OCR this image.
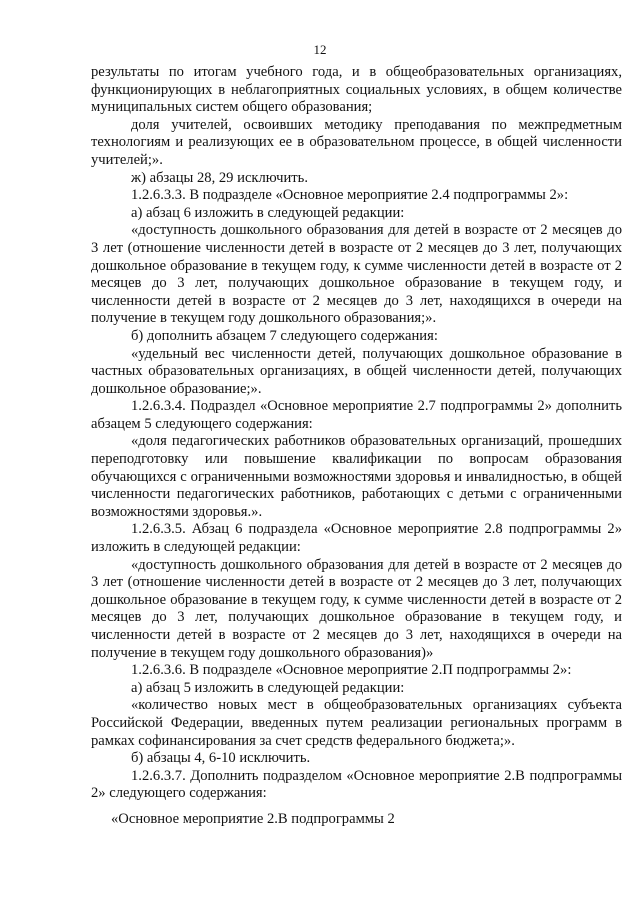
12

результаты по итогам учебного года, и в общеобразовательных организациях, функционирующих в неблагоприятных социальных условиях, в общем количестве муниципальных систем общего образования;

доля учителей, освоивших методику преподавания по межпредметным технологиям и реализующих ее в образовательном процессе, в общей численности учителей;».

ж) абзацы 28, 29 исключить.

1.2.6.3.3. В подразделе «Основное мероприятие 2.4 подпрограммы 2»:

а) абзац 6 изложить в следующей редакции:

«доступность дошкольного образования для детей в возрасте от 2 месяцев до 3 лет (отношение численности детей в возрасте от 2 месяцев до 3 лет, получающих дошкольное образование в текущем году, к сумме численности детей в возрасте от 2 месяцев до 3 лет, получающих дошкольное образование в текущем году, и численности детей в возрасте от 2 месяцев до 3 лет, находящихся в очереди на получение в текущем году дошкольного образования;».

б) дополнить абзацем 7 следующего содержания:

«удельный вес численности детей, получающих дошкольное образование в частных образовательных организациях, в общей численности детей, получающих дошкольное образование;».

1.2.6.3.4. Подраздел «Основное мероприятие 2.7 подпрограммы 2» дополнить абзацем 5 следующего содержания:

«доля педагогических работников образовательных организаций, прошедших переподготовку или повышение квалификации по вопросам образования обучающихся с ограниченными возможностями здоровья и инвалидностью, в общей численности педагогических работников, работающих с детьми с ограниченными возможностями здоровья.».

1.2.6.3.5. Абзац 6 подраздела «Основное мероприятие 2.8 подпрограммы 2» изложить в следующей редакции:

«доступность дошкольного образования для детей в возрасте от 2 месяцев до 3 лет (отношение численности детей в возрасте от 2 месяцев до 3 лет, получающих дошкольное образование в текущем году, к сумме численности детей в возрасте от 2 месяцев до 3 лет, получающих дошкольное образование в текущем году, и численности детей в возрасте от 2 месяцев до 3 лет, находящихся в очереди на получение в текущем году дошкольного образования)»

1.2.6.3.6. В подразделе «Основное мероприятие 2.П подпрограммы 2»:

а) абзац 5 изложить в следующей редакции:

«количество новых мест в общеобразовательных организациях субъекта Российской Федерации, введенных путем реализации региональных программ в рамках софинансирования за счет средств федерального бюджета;».

б) абзацы 4, 6-10 исключить.

1.2.6.3.7. Дополнить подразделом «Основное мероприятие 2.В подпрограммы 2» следующего содержания:

«Основное мероприятие 2.В подпрограммы 2
